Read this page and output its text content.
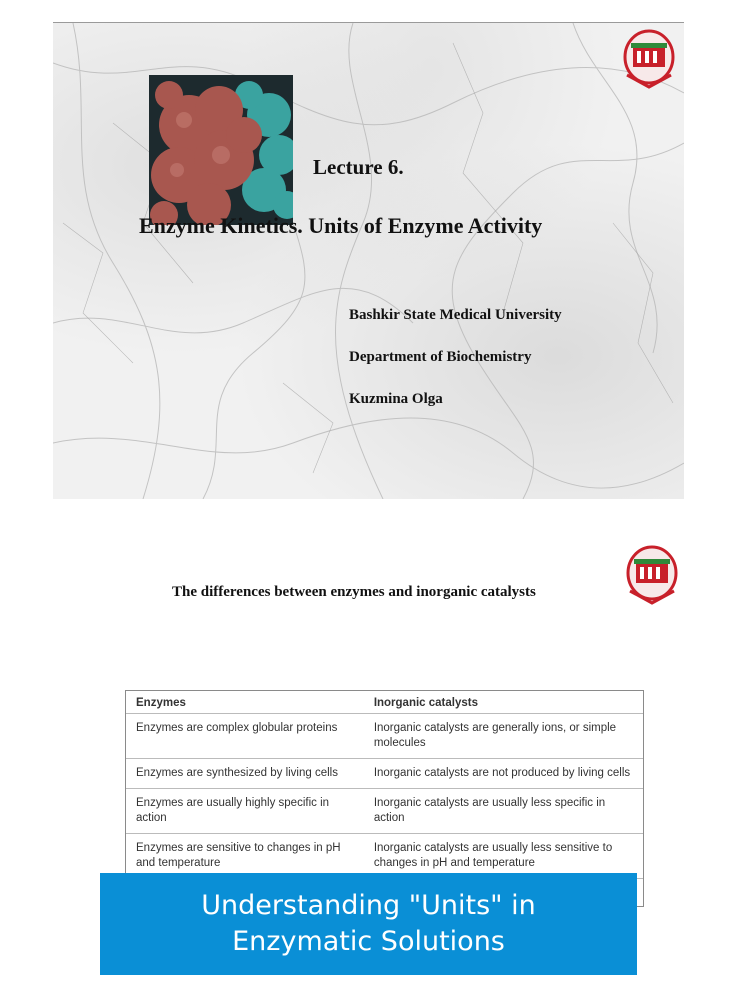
Lecture 6.
Enzyme Kinetics. Units of Enzyme Activity
Bashkir State Medical University
Department of Biochemistry
Kuzmina Olga
The differences between enzymes and inorganic catalysts
Enzymes	Inorganic catalysts
Enzymes are complex globular proteins	Inorganic catalysts are generally ions, or simple molecules
Enzymes are synthesized by living cells	Inorganic catalysts are not produced by living cells
Enzymes are usually highly specific in action	Inorganic catalysts are usually less specific in action
Enzymes are sensitive to changes in pH and temperature	Inorganic catalysts are usually less sensitive to changes in pH and temperature
Understanding "Units" in Enzymatic Solutions
